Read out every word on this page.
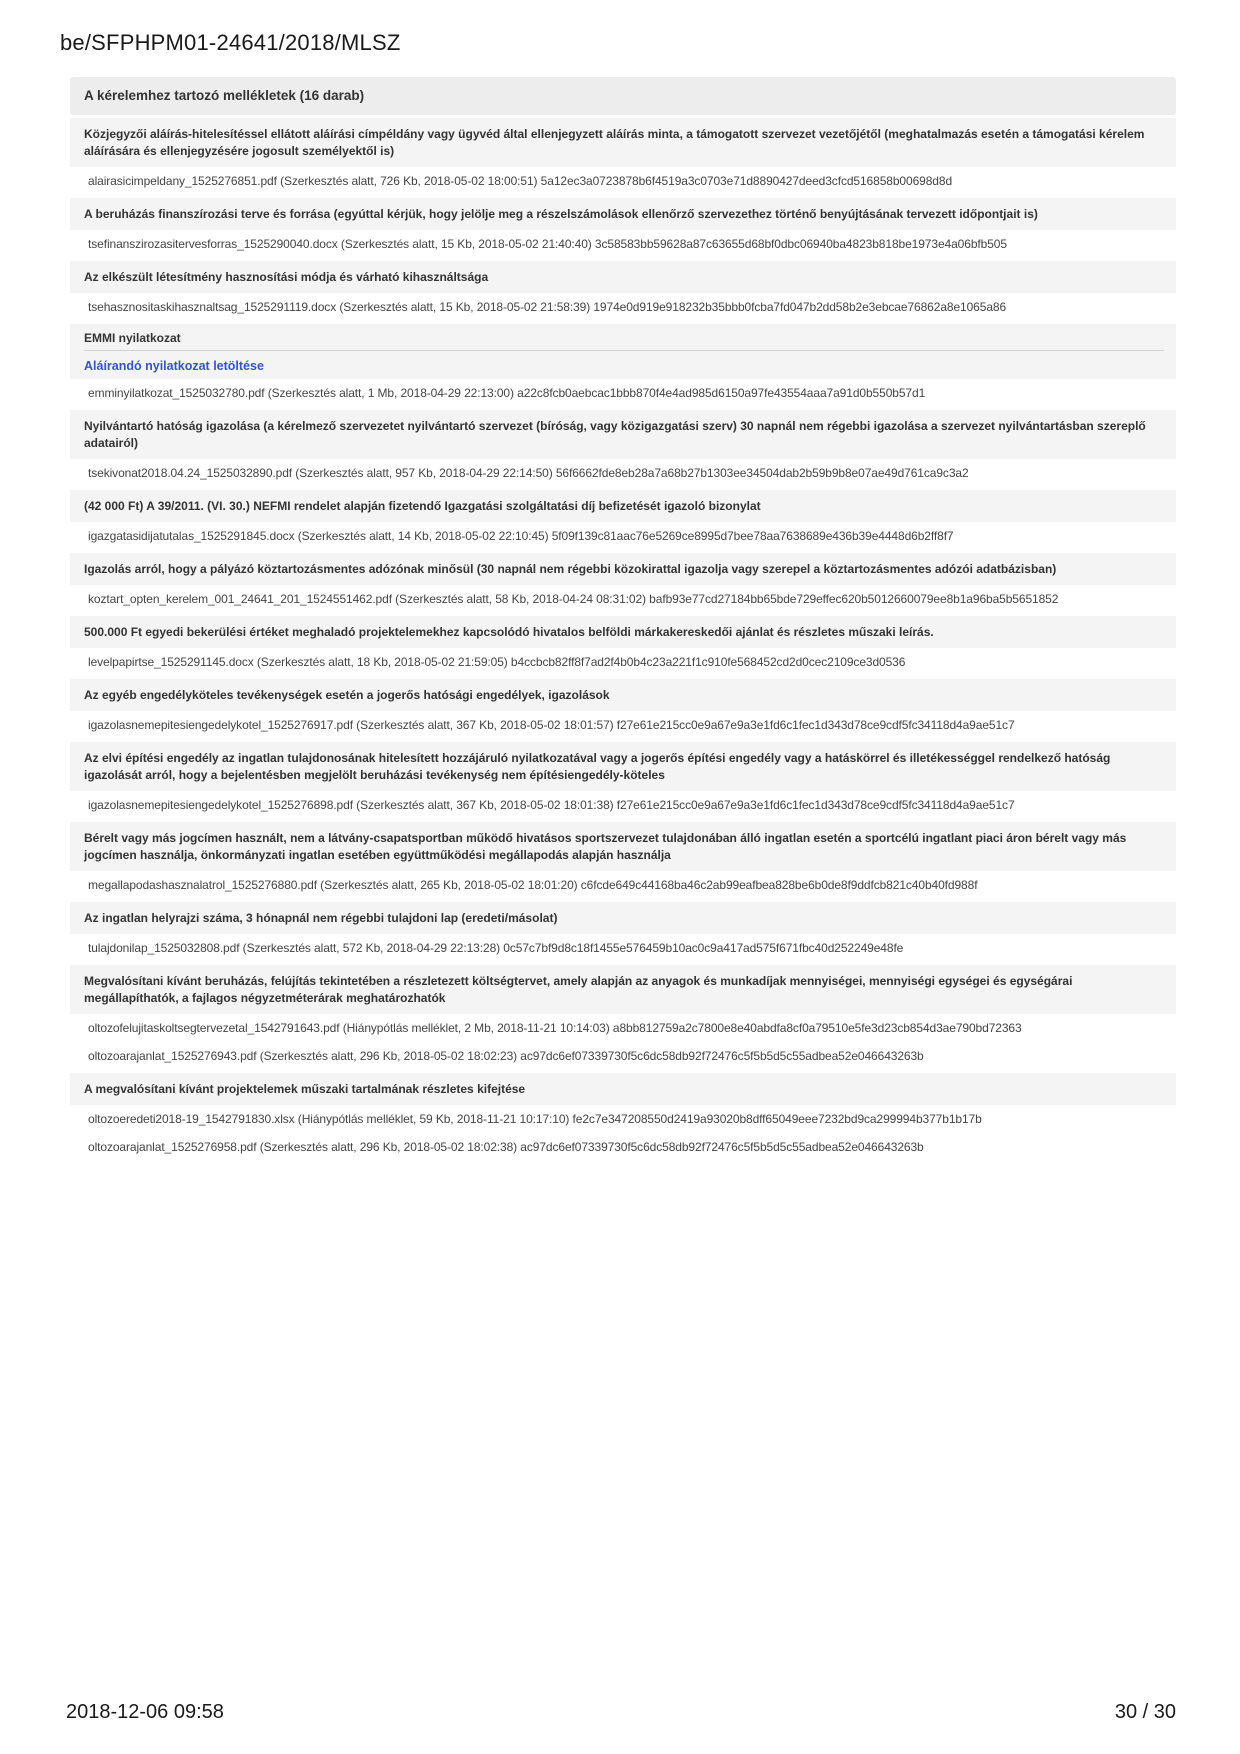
be/SFPHPM01-24641/2018/MLSZ
A kérelemhez tartozó mellékletek (16 darab)
Közjegyzői aláírás-hitelesítéssel ellátott aláírási címpéldány vagy ügyvéd által ellenjegyzett aláírás minta, a támogatott szervezet vezetőjétől (meghatalmazás esetén a támogatási kérelem aláírására és ellenjegyzésére jogosult személyektől is)
alairasicimpeldany_1525276851.pdf (Szerkesztés alatt, 726 Kb, 2018-05-02 18:00:51) 5a12ec3a0723878b6f4519a3c0703e71d8890427deed3cfcd516858b00698d8d
A beruházás finanszírozási terve és forrása (egyúttal kérjük, hogy jelölje meg a részelszámolások ellenőrző szervezethez történő benyújtásának tervezett időpontjait is)
tsefinanszirozasitervesforras_1525290040.docx (Szerkesztés alatt, 15 Kb, 2018-05-02 21:40:40) 3c58583bb59628a87c63655d68bf0dbc06940ba4823b818be1973e4a06bfb505
Az elkészült létesítmény hasznosítási módja és várható kihasználtsága
tsehasznositaskihasznaltsag_1525291119.docx (Szerkesztés alatt, 15 Kb, 2018-05-02 21:58:39) 1974e0d919e918232b35bbb0fcba7fd047b2dd58b2e3ebcae76862a8e1065a86
EMMI nyilatkozat
Aláírandó nyilatkozat letöltése
emminyilatkozat_1525032780.pdf (Szerkesztés alatt, 1 Mb, 2018-04-29 22:13:00) a22c8fcb0aebcac1bbb870f4e4ad985d6150a97fe43554aaa7a91d0b550b57d1
Nyilvántartó hatóság igazolása (a kérelmező szervezetet nyilvántartó szervezet (bíróság, vagy közigazgatási szerv) 30 napnál nem régebbi igazolása a szervezet nyilvántartásban szereplő adatairól)
tsekivonat2018.04.24_1525032890.pdf (Szerkesztés alatt, 957 Kb, 2018-04-29 22:14:50) 56f6662fde8eb28a7a68b27b1303ee34504dab2b59b9b8e07ae49d761ca9c3a2
(42 000 Ft) A 39/2011. (VI. 30.) NEFMI rendelet alapján fizetendő Igazgatási szolgáltatási díj befizetését igazoló bizonylat
igazgatasidijatutalas_1525291845.docx (Szerkesztés alatt, 14 Kb, 2018-05-02 22:10:45) 5f09f139c81aac76e5269ce8995d7bee78aa7638689e436b39e4448d6b2ff8f7
Igazolás arról, hogy a pályázó köztartozásmentes adózónak minősül (30 napnál nem régebbi közokirattal igazolja vagy szerepel a köztartozásmentes adózói adatbázisban)
koztart_opten_kerelem_001_24641_201_1524551462.pdf (Szerkesztés alatt, 58 Kb, 2018-04-24 08:31:02) bafb93e77cd27184bb65bde729effec620b5012660079ee8b1a96ba5b5651852
500.000 Ft egyedi bekerülési értéket meghaladó projektelemekhez kapcsolódó hivatalos belföldi márkakereskedői ajánlat és részletes műszaki leírás.
levelpapirtse_1525291145.docx (Szerkesztés alatt, 18 Kb, 2018-05-02 21:59:05) b4ccbcb82ff8f7ad2f4b0b4c23a221f1c910fe568452cd2d0cec2109ce3d0536
Az egyéb engedélyköteles tevékenységek esetén a jogerős hatósági engedélyek, igazolások
igazolasnemepitesiengedelykotel_1525276917.pdf (Szerkesztés alatt, 367 Kb, 2018-05-02 18:01:57) f27e61e215cc0e9a67e9a3e1fd6c1fec1d343d78ce9cdf5fc34118d4a9ae51c7
Az elvi építési engedély az ingatlan tulajdonosának hitelesített hozzájáruló nyilatkozatával vagy a jogerős építési engedély vagy a hatáskörrel és illetékességgel rendelkező hatóság igazolását arról, hogy a bejelentésben megjelölt beruházási tevékenység nem építésiengedély-köteles
igazolasnemepitesiengedelykotel_1525276898.pdf (Szerkesztés alatt, 367 Kb, 2018-05-02 18:01:38) f27e61e215cc0e9a67e9a3e1fd6c1fec1d343d78ce9cdf5fc34118d4a9ae51c7
Bérelt vagy más jogcímen használt, nem a látvány-csapatsportban működő hivatásos sportszervezet tulajdonában álló ingatlan esetén a sportcélú ingatlant piaci áron bérelt vagy más jogcímen használja, önkormányzati ingatlan esetében együttműködési megállapodás alapján használja
megallapodashasznalatrol_1525276880.pdf (Szerkesztés alatt, 265 Kb, 2018-05-02 18:01:20) c6fcde649c44168ba46c2ab99eafbea828be6b0de8f9ddfcb821c40b40fd988f
Az ingatlan helyrajzi száma, 3 hónapnál nem régebbi tulajdoni lap (eredeti/másolat)
tulajdonilap_1525032808.pdf (Szerkesztés alatt, 572 Kb, 2018-04-29 22:13:28) 0c57c7bf9d8c18f1455e576459b10ac0c9a417ad575f671fbc40d252249e48fe
Megvalósítani kívánt beruházás, felújítás tekintetében a részletezett költségtervet, amely alapján az anyagok és munkadíjak mennyiségei, mennyiségi egységei és egységárai megállapíthatók, a fajlagos négyzetméterárak meghatározhatók
oltozofelujitaskoltsegtervezetal_1542791643.pdf (Hiánypótlás melléklet, 2 Mb, 2018-11-21 10:14:03) a8bb812759a2c7800e8e40abdfa8cf0a79510e5fe3d23cb854d3ae790bd72363
oltozoarajanlat_1525276943.pdf (Szerkesztés alatt, 296 Kb, 2018-05-02 18:02:23) ac97dc6ef07339730f5c6dc58db92f72476c5f5b5d5c55adbea52e046643263b
A megvalósítani kívánt projektelemek műszaki tartalmának részletes kifejtése
oltozoeredeti2018-19_1542791830.xlsx (Hiánypótlás melléklet, 59 Kb, 2018-11-21 10:17:10) fe2c7e347208550d2419a93020b8dff65049eee7232bd9ca299994b377b1b17b
oltozoarajanlat_1525276958.pdf (Szerkesztés alatt, 296 Kb, 2018-05-02 18:02:38) ac97dc6ef07339730f5c6dc58db92f72476c5f5b5d5c55adbea52e046643263b
2018-12-06 09:58	30 / 30
